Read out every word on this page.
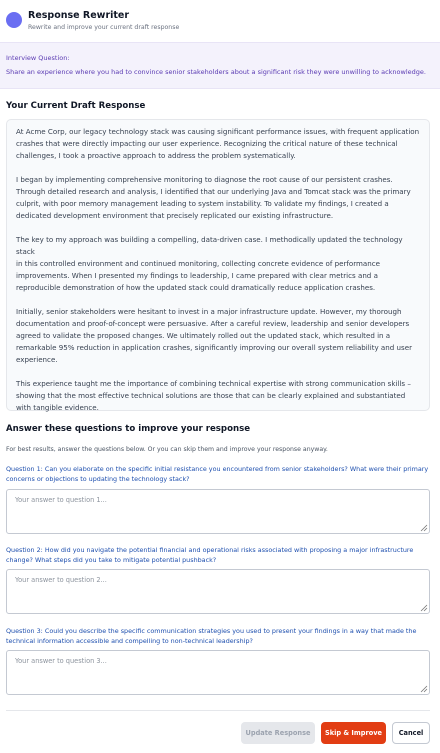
Response Rewriter
Rewrite and improve your current draft response
Interview Question:
Share an experience where you had to convince senior stakeholders about a significant risk they were unwilling to acknowledge.
Your Current Draft Response

At Acme Corp, our legacy technology stack was causing significant performance issues, with frequent application
crashes that were directly impacting our user experience. Recognizing the critical nature of these technical
challenges, I took a proactive approach to address the problem systematically.

I began by implementing comprehensive monitoring to diagnose the root cause of our persistent crashes.
Through detailed research and analysis, I identified that our underlying Java and Tomcat stack was the primary
culprit, with poor memory management leading to system instability. To validate my findings, I created a
dedicated development environment that precisely replicated our existing infrastructure.

The key to my approach was building a compelling, data-driven case. I methodically updated the technology stack
in this controlled environment and continued monitoring, collecting concrete evidence of performance
improvements. When I presented my findings to leadership, I came prepared with clear metrics and a
reproducible demonstration of how the updated stack could dramatically reduce application crashes.

Initially, senior stakeholders were hesitant to invest in a major infrastructure update. However, my thorough
documentation and proof-of-concept were persuasive. After a careful review, leadership and senior developers
agreed to validate the proposed changes. We ultimately rolled out the updated stack, which resulted in a
remarkable 95% reduction in application crashes, significantly improving our overall system reliability and user
experience.

This experience taught me the importance of combining technical expertise with strong communication skills –
showing that the most effective technical solutions are those that can be clearly explained and substantiated
with tangible evidence.

Answer these questions to improve your response
For best results, answer the questions below. Or you can skip them and improve your response anyway.
Question 1: Can you elaborate on the specific initial resistance you encountered from senior stakeholders? What were their primary
concerns or objections to updating the technology stack?
Your answer to question 1...
Question 2: How did you navigate the potential financial and operational risks associated with proposing a major infrastructure
change? What steps did you take to mitigate potential pushback?
Your answer to question 2...
Question 3: Could you describe the specific communication strategies you used to present your findings in a way that made the
technical information accessible and compelling to non-technical leadership?
Your answer to question 3...
Update Response	Skip & Improve	Cancel
